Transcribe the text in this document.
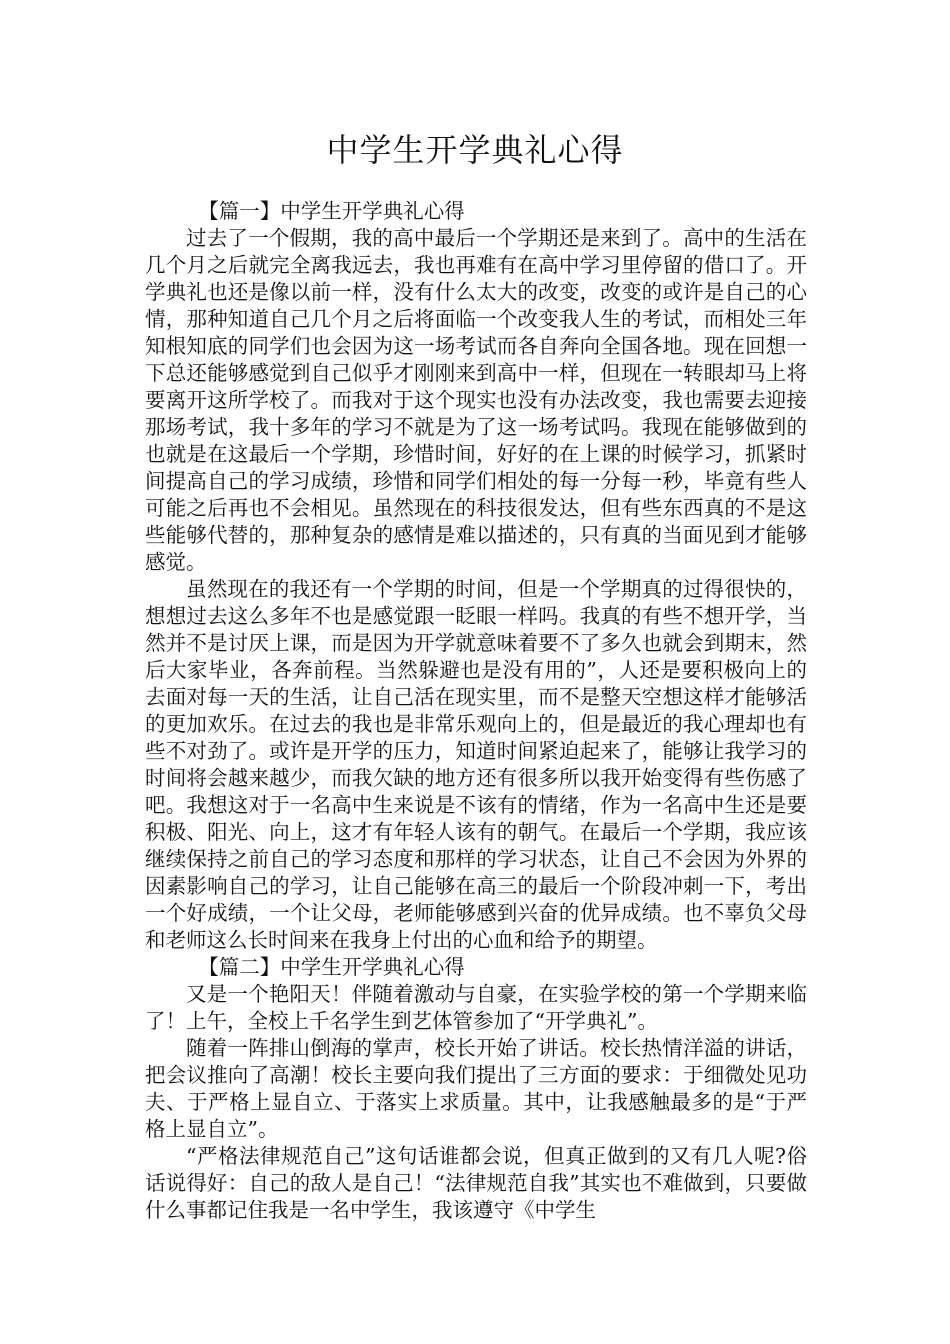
中学生开学典礼心得

【篇一】中学生开学典礼心得

过去了一个假期，我的高中最后一个学期还是来到了。高中的生活在几个月之后就完全离我远去，我也再难有在高中学习里停留的借口了。开学典礼也还是像以前一样，没有什么太大的改变，改变的或许是自己的心情，那种知道自己几个月之后将面临一个改变我人生的考试，而相处三年知根知底的同学们也会因为这一场考试而各自奔向全国各地。现在回想一下总还能够感觉到自己似乎才刚刚来到高中一样，但现在一转眼却马上将要离开这所学校了。而我对于这个现实也没有办法改变，我也需要去迎接那场考试，我十多年的学习不就是为了这一场考试吗。我现在能够做到的也就是在这最后一个学期，珍惜时间，好好的在上课的时候学习，抓紧时间提高自己的学习成绩，珍惜和同学们相处的每一分每一秒，毕竟有些人可能之后再也不会相见。虽然现在的科技很发达，但有些东西真的不是这些能够代替的，那种复杂的感情是难以描述的，只有真的当面见到才能够感觉。

虽然现在的我还有一个学期的时间，但是一个学期真的过得很快的，想想过去这么多年不也是感觉跟一眨眼一样吗。我真的有些不想开学，当然并不是讨厌上课，而是因为开学就意味着要不了多久也就会到期末，然后大家毕业，各奔前程。当然躲避也是没有用的”，人还是要积极向上的去面对每一天的生活，让自己活在现实里，而不是整天空想这样才能够活的更加欢乐。在过去的我也是非常乐观向上的，但是最近的我心理却也有些不对劲了。或许是开学的压力，知道时间紧迫起来了，能够让我学习的时间将会越来越少，而我欠缺的地方还有很多所以我开始变得有些伤感了吧。我想这对于一名高中生来说是不该有的情绪，作为一名高中生还是要积极、阳光、向上，这才有年轻人该有的朝气。在最后一个学期，我应该继续保持之前自己的学习态度和那样的学习状态，让自己不会因为外界的因素影响自己的学习，让自己能够在高三的最后一个阶段冲刺一下，考出一个好成绩，一个让父母，老师能够感到兴奋的优异成绩。也不辜负父母和老师这么长时间来在我身上付出的心血和给予的期望。

【篇二】中学生开学典礼心得

又是一个艳阳天！伴随着激动与自豪，在实验学校的第一个学期来临了！上午，全校上千名学生到艺体管参加了“开学典礼”。

随着一阵排山倒海的掌声，校长开始了讲话。校长热情洋溢的讲话，把会议推向了高潮！校长主要向我们提出了三方面的要求：于细微处见功夫、于严格上显自立、于落实上求质量。其中，让我感触最多的是“于严格上显自立”。

“严格法律规范自己”这句话谁都会说，但真正做到的又有几人呢?俗话说得好：自己的敌人是自己！“法律规范自我”其实也不难做到，只要做什么事都记住我是一名中学生，我该遵守《中学生
